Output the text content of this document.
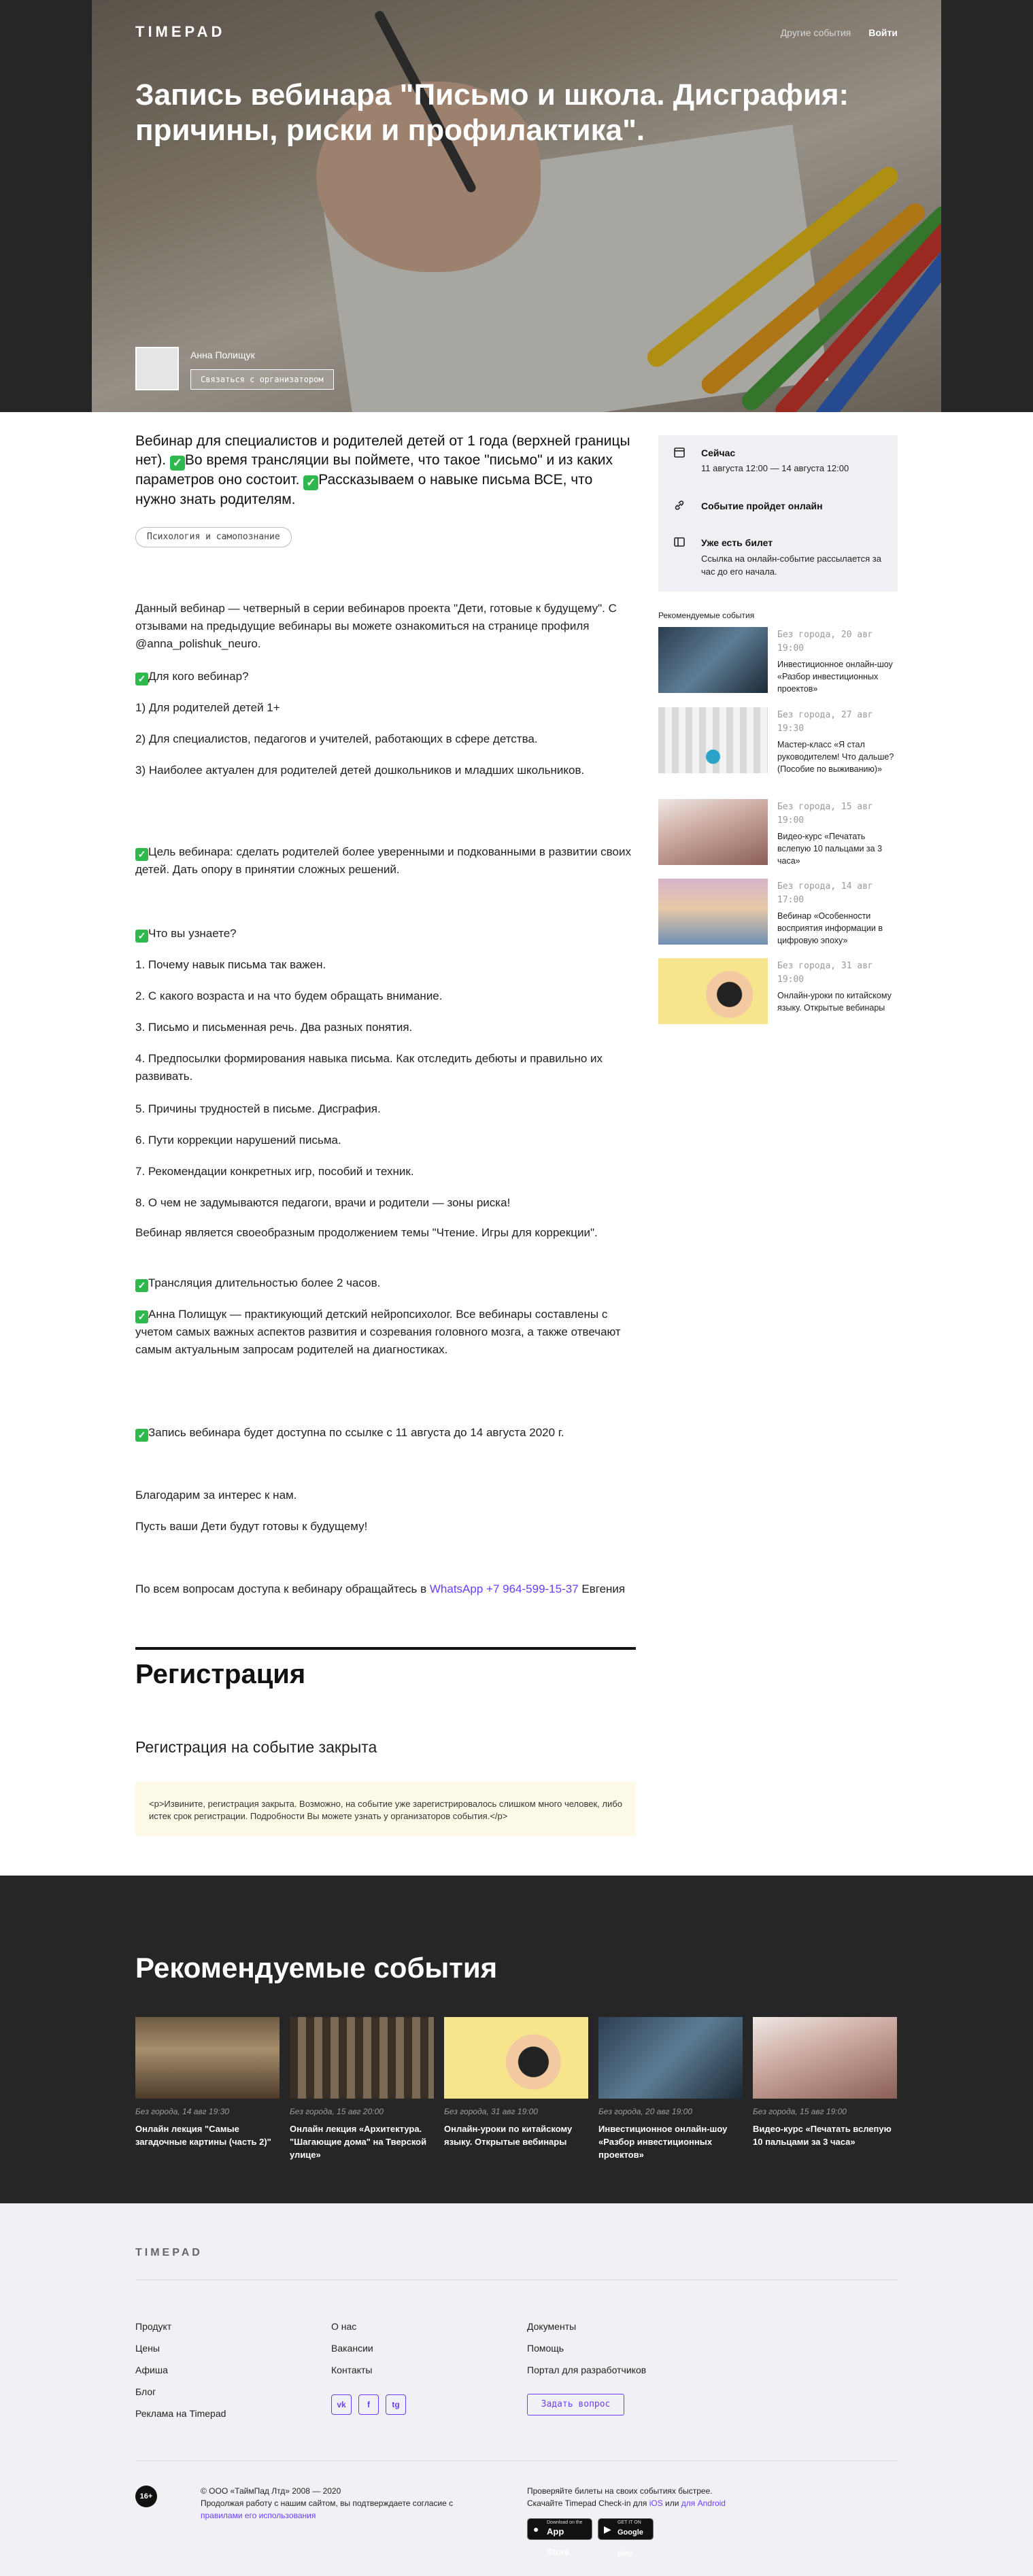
TIMEPAD	Другие события Войти
Запись вебинара "Письмо и школа. Дисграфия: причины, риски и профилактика".
Анна Полищук
Связаться с организатором
Вебинар для специалистов и родителей детей от 1 года (верхней границы нет). ✓ Во время трансляции вы поймете, что такое "письмо" и из каких параметров оно состоит. ✓ Рассказываем о навыке письма ВСЕ, что нужно знать родителям.
Психология и самопознание
Данный вебинар — четверный в серии вебинаров проекта "Дети, готовые к будущему". С отзывами на предыдущие вебинары вы можете ознакомиться на странице профиля @anna_polishuk_neuro.
✓ Для кого вебинар?
1) Для родителей детей 1+
2) Для специалистов, педагогов и учителей, работающих в сфере детства.
3) Наиболее актуален для родителей детей дошкольников и младших школьников.
✓ Цель вебинара: сделать родителей более уверенными и подкованными в развитии своих детей. Дать опору в принятии сложных решений.
✓ Что вы узнаете?
1. Почему навык письма так важен.
2. С какого возраста и на что будем обращать внимание.
3. Письмо и письменная речь. Два разных понятия.
4. Предпосылки формирования навыка письма. Как отследить дебюты и правильно их развивать.
5. Причины трудностей в письме. Дисграфия.
6. Пути коррекции нарушений письма.
7. Рекомендации конкретных игр, пособий и техник.
8. О чем не задумываются педагоги, врачи и родители — зоны риска!
Вебинар является своеобразным продолжением темы "Чтение. Игры для коррекции".
✓ Трансляция длительностью более 2 часов.
✓ Анна Полищук — практикующий детский нейропсихолог. Все вебинары составлены с учетом самых важных аспектов развития и созревания головного мозга, а также отвечают самым актуальным запросам родителей на диагностиках.
✓ Запись вебинара будет доступна по ссылке с 11 августа до 14 августа 2020 г.
Благодарим за интерес к нам.
Пусть ваши Дети будут готовы к будущему!
По всем вопросам доступа к вебинару обращайтесь в WhatsApp +7 964-599-15-37 Евгения
Регистрация
Регистрация на событие закрыта
<p>Извините, регистрация закрыта. Возможно, на событие уже зарегистрировалось слишком много человек, либо истек срок регистрации. Подробности Вы можете узнать у организаторов события.</p>
Сейчас
11 августа 12:00 — 14 августа 12:00
Событие пройдет онлайн
Уже есть билет
Ссылка на онлайн-событие рассылается за час до его начала.
Рекомендуемые события
Без города, 20 авг 19:00
Инвестиционное онлайн-шоу «Разбор инвестиционных проектов»
Без города, 27 авг 19:30
Мастер-класс «Я стал руководителем! Что дальше? (Пособие по выживанию)»
Без города, 15 авг 19:00
Видео-курс «Печатать вслепую 10 пальцами за 3 часа»
Без города, 14 авг 17:00
Вебинар «Особенности восприятия информации в цифровую эпоху»
Без города, 31 авг 19:00
Онлайн-уроки по китайскому языку. Открытые вебинары
Рекомендуемые события
Без города, 14 авг 19:30
Онлайн лекция "Самые загадочные картины (часть 2)"
Без города, 15 авг 20:00
Онлайн лекция «Архитектура. "Шагающие дома" на Тверской улице»
Без города, 31 авг 19:00
Онлайн-уроки по китайскому языку. Открытые вебинары
Без города, 20 авг 19:00
Инвестиционное онлайн-шоу «Разбор инвестиционных проектов»
Без города, 15 авг 19:00
Видео-курс «Печатать вслепую 10 пальцами за 3 часа»
TIMEPAD
Продукт
Цены
Афиша
Блог
Реклама на Timepad
О нас
Вакансии
Контакты
vk	f	tg
Документы
Помощь
Портал для разработчиков
Задать вопрос
16+
© ООО «ТаймПад Лтд» 2008 — 2020
Продолжая работу с нашим сайтом, вы подтверждаете согласие с правилами его использования
Проверяйте билеты на своих событиях быстрее.
Скачайте Timepad Check-in для iOS или для Android
●
Download on the
App Store
▶
GET IT ON
$_{Google play}$
